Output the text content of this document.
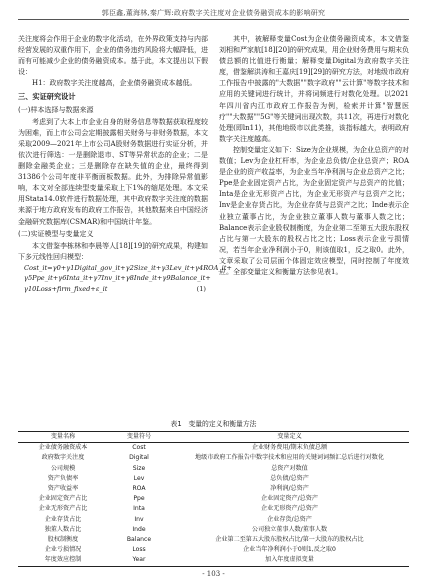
郭臣鑫,董海林,秦广辉:政府数字关注度对企业债务融资成本的影响研究

关注度将会作用于企业的数字化活动，在外界政策支持与内部经营发展的双重作用下，企业的债务违约风险将大幅降低，进而有可能减少企业的债务融资成本。基于此，本文提出以下假设：

H1：政府数字关注度越高，企业债务融资成本越低。

三、实证研究设计
(一)样本选择与数据来源

考虑到了大本上市企业自身的财务信息等数据获取程度较为困难，而上市公司会定期披露相关财务与非财务数据，本文采取2009—2021年上市公司A股财务数据进行实证分析，并依次进行筛选：一是删除退市、ST等异常状态的企业；二是删除金融类企业；三是删除存在缺失值的企业，最终得到31386个公司年度非平衡面板数据。此外，为排除异常值影响，本文对全部连续型变量采取上下1%的缩尾处理。本文采用Stata14.0软件进行数据处理，其中政府数字关注度的数据来源于地方政府发布的政府工作报告，其他数据来自中国经济金融研究数据库(CSMAR)和中国统计年鉴。

(二)实证模型与变量定义

本文借鉴李栋林和李晨等人[18][19]的研究成果，构建如下多元线性回归模型：

Cost_it=γ0+γ1Digital_gov_it+γ2Size_it+γ3Lev_it+γ4ROA_it+
γ5Ppe_it+γ6Inta_it+γ7Inv_it+γ8Inde_it+γ9Balance_it+
γ10Loss+firm_fixed+ε_it	(1)

其中，被解释变量Cost为企业债务融资成本，本文借鉴刘相和严家航[18][20]的研究成果，用企业财务费用与期末负债总额的比值进行衡量；解释变量Digital为政府数字关注度，借鉴解洪涛和王嘉庆[19][29]的研究方法，对地级市政府工作报告中披露的"大数据""数字政府""云计算"等数字技术和应用的关键词进行统计，并将词频进行对数化处理。以2021年四川省内江市政府工作报告为例，检索并计算"智慧医疗""大数据""5G"等关键词出现次数，共11次，再进行对数化处理(即ln11)，其他地级市以此类推，该指标越大，表明政府数字关注度越高。

控制变量定义如下：Size为企业规模，为企业总资产的对数值；Lev为企业杠杆率，为企业总负债/企业总资产；ROA是企业的资产收益率，为企业当年净利润与企业总资产之比；Ppe是企业固定资产占比，为企业固定资产与总资产的比值；Inta是企业无形资产占比，为企业无形资产与总资产之比；Inv是企业存货占比，为企业存货与总资产之比；Inde表示企业独立董事占比，为企业独立董事人数与董事人数之比；Balance表示企业股权制衡度，为企业第二至第五大股东股权占比与第一大股东的股权占比之比；Loss表示企业亏损情况，若当年企业净利润小于0，则该值取1，反之取0。此外，文章采取了公司层面个体固定效应模型，同时控制了年度效应。全部变量定义和衡量方法参见表1。

表1　变量的定义和衡量方法
变量名称	变量符号	变量定义
企业债务融资成本	Cost	企业财务费用/期末负债总额
政府数字关注度	Digital	地级市政府工作报告中数字技术和应用的关键词词频汇总后进行对数化
公司规模	Size	总资产对数值
资产负债率	Lev	总负债/总资产
资产收益率	ROA	净利润/总资产
企业固定资产占比	Ppe	企业固定资产/总资产
企业无形资产占比	Inta	企业无形资产/总资产
企业存货占比	Inv	企业存货/总资产
独董人数占比	Inde	公司独立董事人数/董事人数
股权制衡度	Balance	企业第二至第五大股东股权占比/第一大股东的股权占比
企业亏损情况	Loss	企业当年净利润小于0则1,反之取0
年度效应控制	Year	加入年度虚拟变量
- 103 -
